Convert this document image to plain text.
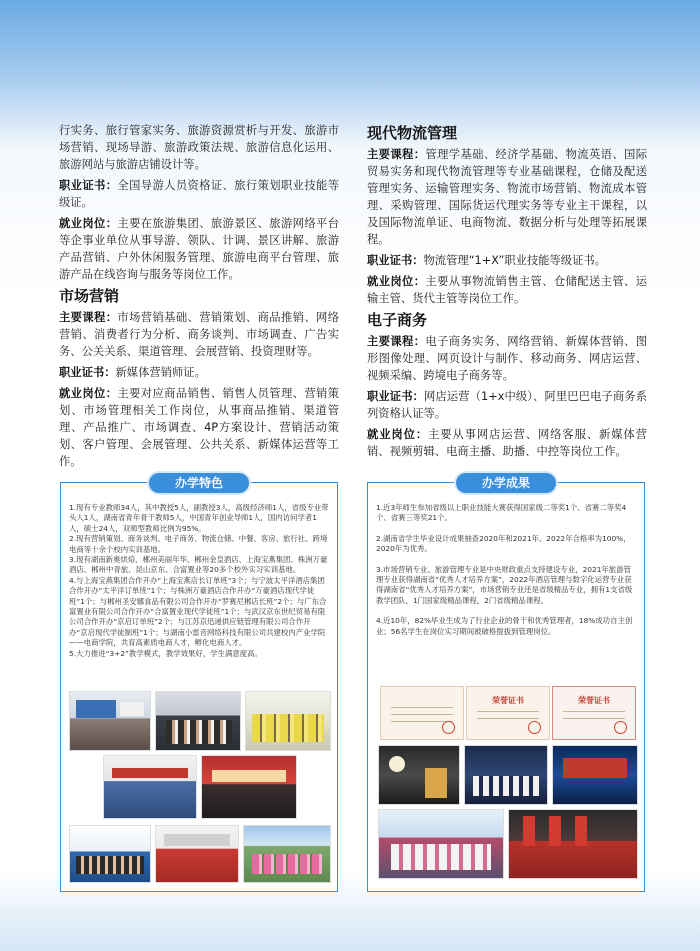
行实务、旅行管家实务、旅游资源赏析与开发、旅游市场营销、现场导游、旅游政策法规、旅游信息化运用、旅游网站与旅游店铺设计等。

职业证书：全国导游人员资格证、旅行策划职业技能等级证。

就业岗位：主要在旅游集团、旅游景区、旅游网络平台等企事业单位从事导游、领队、计调、景区讲解、旅游产品营销、户外休闲服务管理、旅游电商平台管理、旅游产品在线咨询与服务等岗位工作。

市场营销

主要课程：市场营销基础、营销策划、商品推销、网络营销、消费者行为分析、商务谈判、市场调查、广告实务、公关关系、渠道管理、会展营销、投资理财等。

职业证书：新媒体营销师证。

就业岗位：主要对应商品销售、销售人员管理、营销策划、市场管理相关工作岗位，从事商品推销、渠道管理、产品推广、市场调查、4P方案设计、营销活动策划、客户管理、会展管理、公共关系、新媒体运营等工作。

现代物流管理

主要课程：管理学基础、经济学基础、物流英语、国际贸易实务和现代物流管理等专业基础课程，仓储及配送管理实务、运输管理实务、物流市场营销、物流成本管理、采购管理、国际货运代理实务等专业主干课程，以及国际物流单证、电商物流、数据分析与处理等拓展课程。

职业证书：物流管理“1+X”职业技能等级证书。

就业岗位：主要从事物流销售主管、仓储配送主管、运输主管、货代主管等岗位工作。

电子商务

主要课程：电子商务实务、网络营销、新媒体营销、图形图像处理、网页设计与制作、移动商务、网店运营、视频采编、跨境电子商务等。

职业证书：网店运营（1+x中级）、阿里巴巴电子商务系列资格认证等。

就业岗位：主要从事网店运营、网络客服、新媒体营销、视频剪辑、电商主播、助播、中控等岗位工作。

办学特色

1.现有专业教师34人，其中教授5人，副教授3人，高级经济师1人，省级专业带头人1人，湖南省青年骨干教师5人，中国青年创业导师1人，国内访问学者1人，硕士24人，双师型教师比例为95%。

2.现有营销策划、商务谈判、电子商务、物流仓储、中餐、客房、旅行社、跨境电商等十余个校内实训基地。

3.现有湖南新奥烘焙、郴州美丽年华、郴州金皇酒店、上海宝燕集团、株洲万豪酒店、郴州中青旅、昆山京东、合富置业等20多个校外实习实训基地。

4.与上海宝燕集团合作开办“上海宝燕店长订单班”3个；与宁波太平洋酒店集团合作开办“太平洋订单班”1个；与株洲万豪酒店合作开办“万豪酒店现代学徒班”1个；与郴州圣安娜食品有限公司合作开办“罗赛尼郴店长班”2个；与广东合富置业有限公司合作开办“合富置业现代学徒班”1个；与武汉京东世纪贸易有限公司合作开办“京启订单班”2个；与江苏京迅递供应链管理有限公司合作开办“京启现代学徒制班”1个；与湖南小雷音网络科技有限公司共建校内产业学院——电商学院，共育高素质电商人才，孵化电商人才。

5.大力推进“3+2”教学模式，教学效果好，学生满意度高。

办学成果

1.近3年师生参加省级以上职业技能大赛获得国家级二等奖1个、省赛二等奖4个、省赛三等奖21个。

2.湖南省学生毕业设计成果抽查2020年和2021年、2022年合格率为100%，2020年为优秀。

3.市场营销专业、旅游管理专业是中央财政重点支持建设专业，2021年旅游管理专业获得湖南省“优秀人才培养方案”，2022年酒店管理与数字化运营专业获得湖南省“优秀人才培养方案”，市场营销专业还是省级精品专业，拥有1支省级教学团队，1门国家级精品课程，2门省级精品课程。

4.近10年，82%毕业生成为了行业企业的骨干和优秀管理者，18%成功自主创业；56名学生在岗位实习期间被破格提拔到管理岗位。

荣誉证书	荣誉证书
